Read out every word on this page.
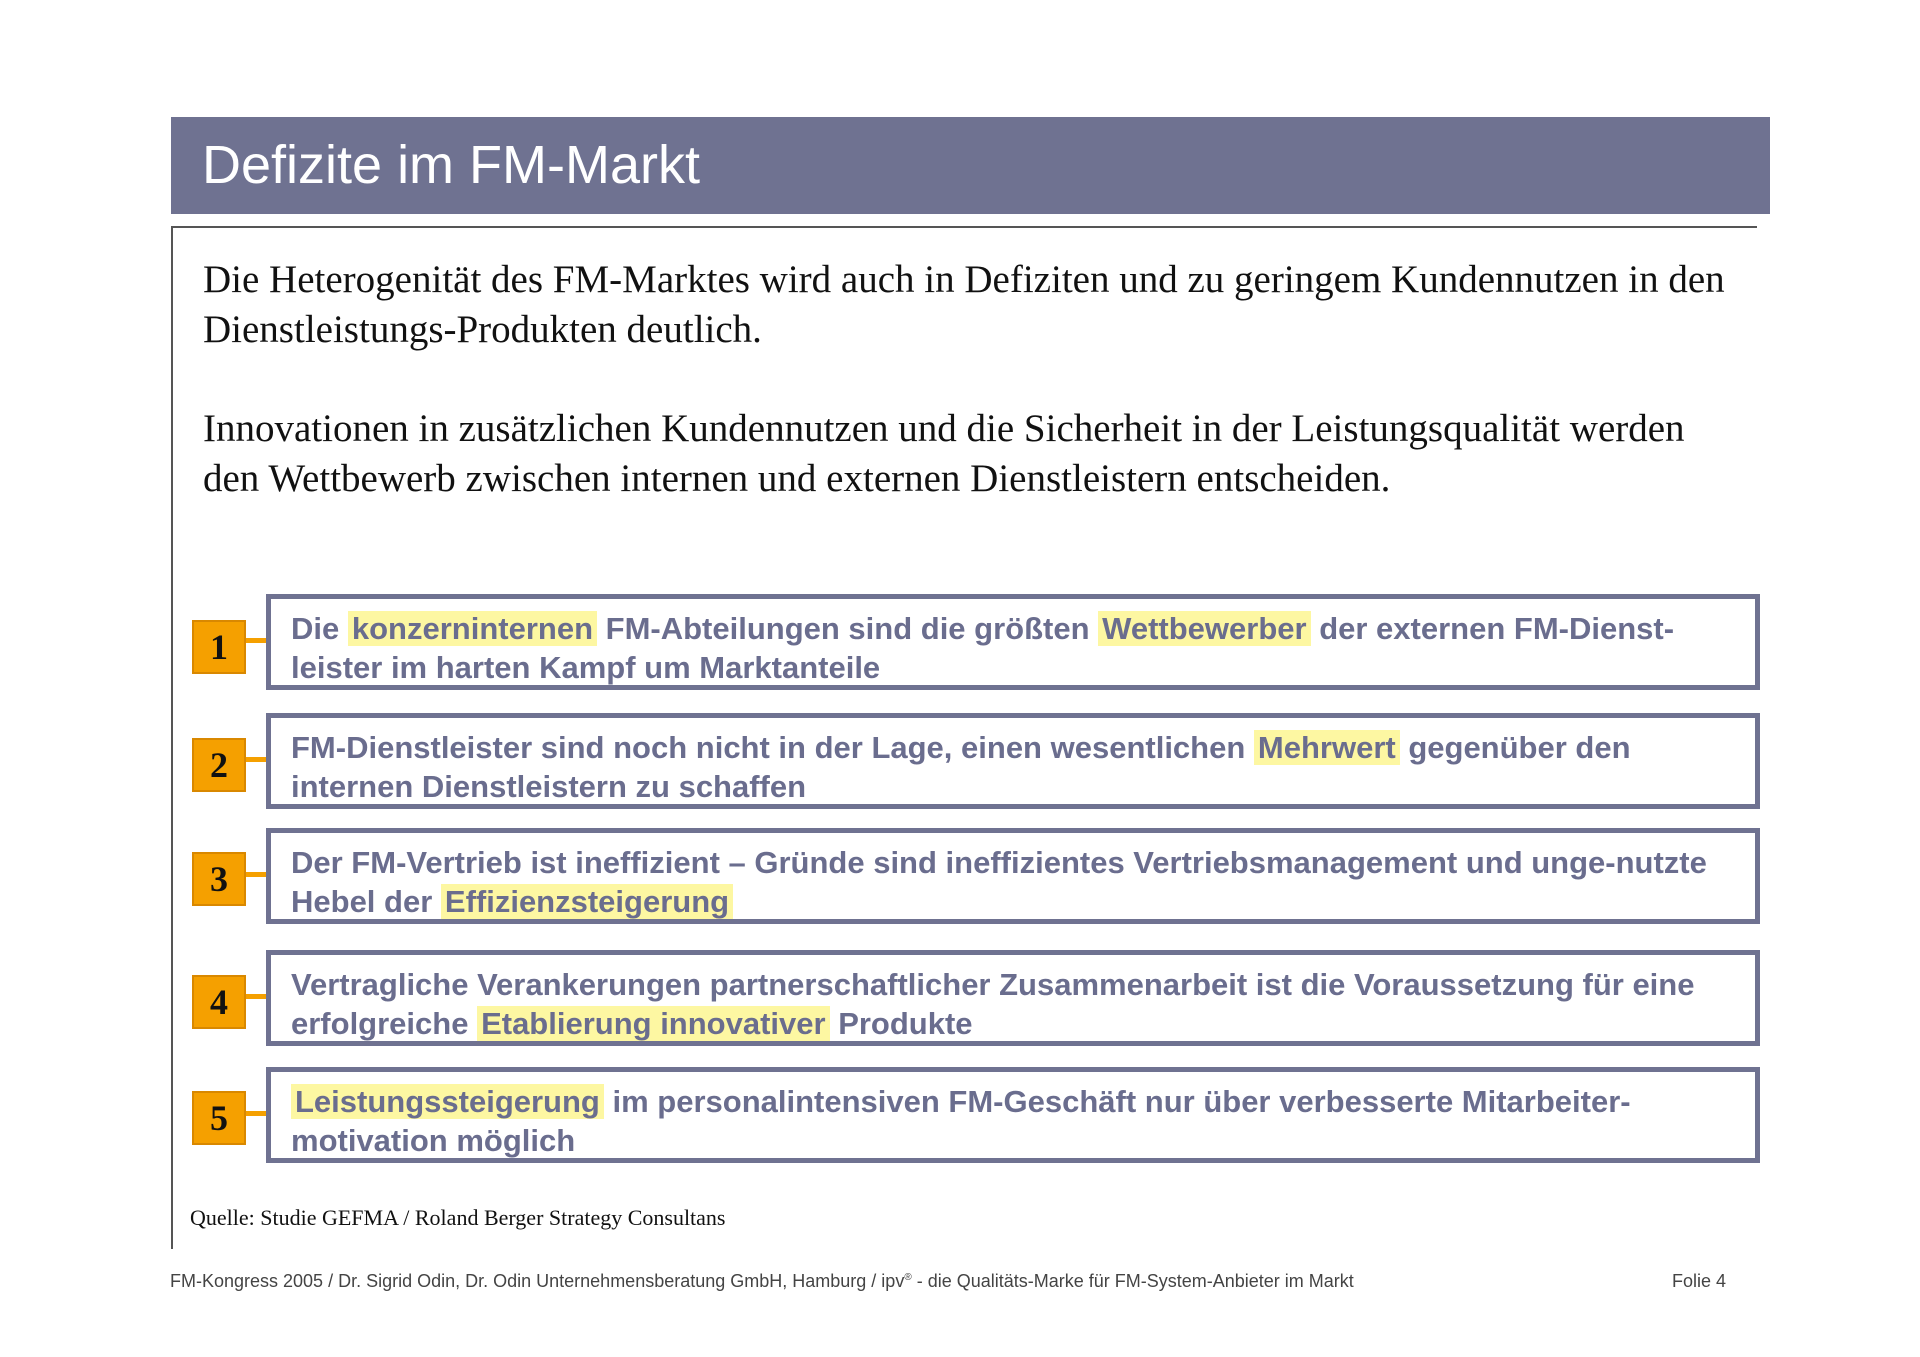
Defizite im FM-Markt
Die Heterogenität des FM-Marktes wird auch in Defiziten und zu geringem Kundennutzen in den Dienstleistungs-Produkten deutlich.
Innovationen in zusätzlichen Kundennutzen und die Sicherheit in der Leistungsqualität werden den Wettbewerb zwischen internen und externen Dienstleistern entscheiden.
1	Die konzerninternen FM-Abteilungen sind die größten Wettbewerber der externen FM-Dienst-leister im harten Kampf um Marktanteile
2	FM-Dienstleister sind noch nicht in der Lage, einen wesentlichen Mehrwert gegenüber den internen Dienstleistern zu schaffen
3	Der FM-Vertrieb ist ineffizient – Gründe sind ineffizientes Vertriebsmanagement und unge-nutzte Hebel der Effizienzsteigerung
4	Vertragliche Verankerungen partnerschaftlicher Zusammenarbeit ist die Voraussetzung für eine erfolgreiche Etablierung innovativer Produkte
5	Leistungssteigerung im personalintensiven FM-Geschäft nur über verbesserte Mitarbeiter-motivation möglich
Quelle: Studie GEFMA / Roland Berger Strategy Consultans
FM-Kongress 2005 / Dr. Sigrid Odin, Dr. Odin Unternehmensberatung GmbH, Hamburg / ipv® - die Qualitäts-Marke für FM-System-Anbieter im Markt	Folie 4
